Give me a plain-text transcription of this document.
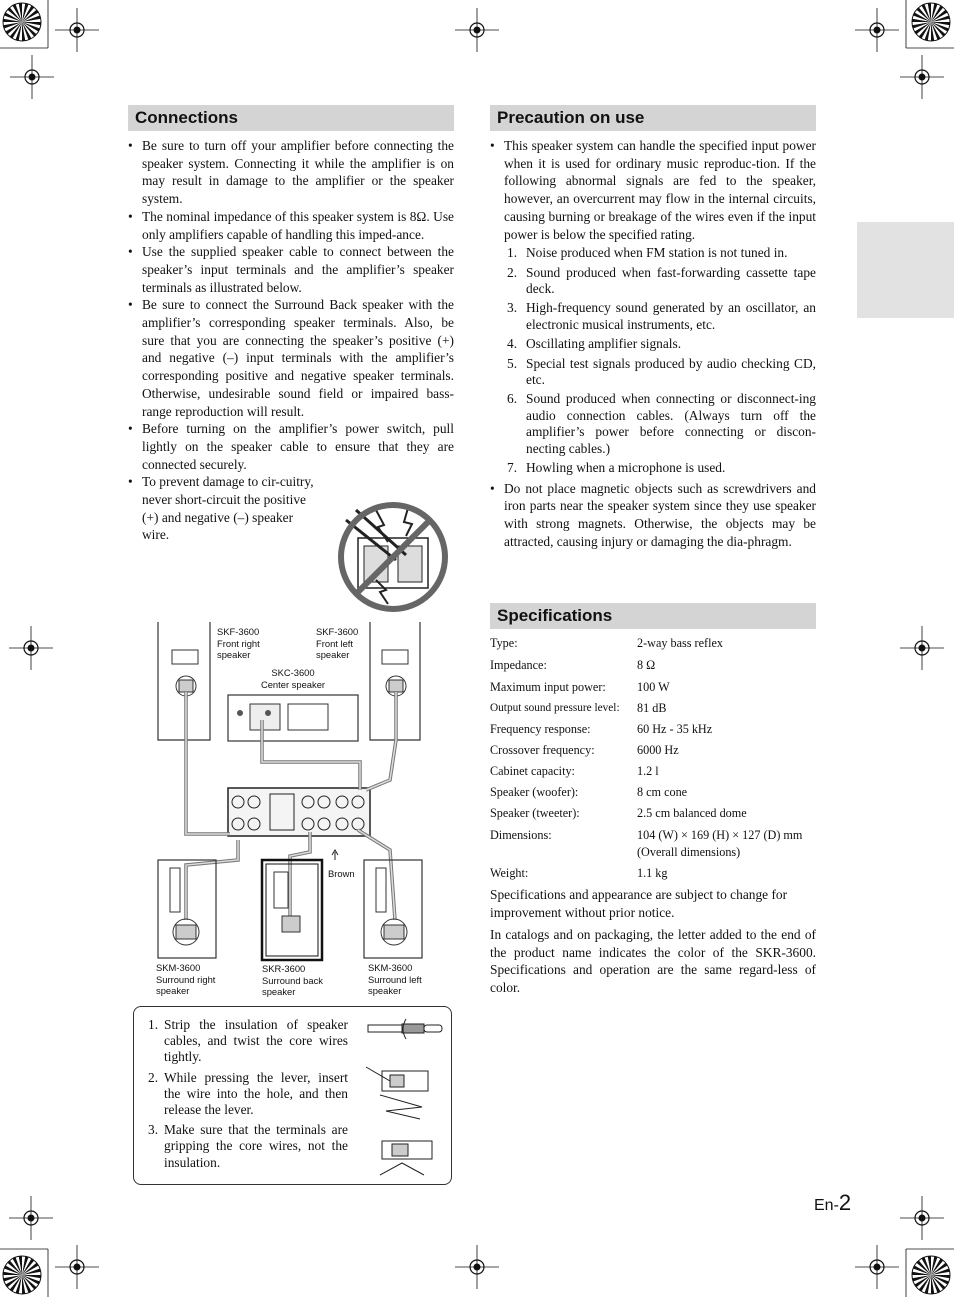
Connections
• Be sure to turn off your amplifier before connecting the speaker system. Connecting it while the amplifier is on may result in damage to the amplifier or the speaker system.
• The nominal impedance of this speaker system is 8Ω. Use only amplifiers capable of handling this imped-ance.
• Use the supplied speaker cable to connect between the speaker’s input terminals and the amplifier’s speaker terminals as illustrated below.
• Be sure to connect the Surround Back speaker with the amplifier’s corresponding speaker terminals. Also, be sure that you are connecting the speaker’s positive (+) and negative (–) input terminals with the amplifier’s corresponding positive and negative speaker terminals. Otherwise, undesirable sound field or impaired bass-range reproduction will result.
• Before turning on the amplifier’s power switch, pull lightly on the speaker cable to ensure that they are connected securely.
• To prevent damage to cir-cuitry, never short-circuit the positive (+) and negative (–) speaker wire.
SKF-3600
Front right
speaker
SKF-3600
Front left
speaker
SKC-3600
Center speaker
Brown
SKM-3600
Surround right
speaker
SKR-3600
Surround back
speaker
SKM-3600
Surround left
speaker
1. Strip the insulation of speaker cables, and twist the core wires tightly.
2. While pressing the lever, insert the wire into the hole, and then release the lever.
3. Make sure that the terminals are gripping the core wires, not the insulation.
Precaution on use
• This speaker system can handle the specified input power when it is used for ordinary music reproduc-tion. If the following abnormal signals are fed to the speaker, however, an overcurrent may flow in the internal circuits, causing burning or breakage of the wires even if the input power is below the specified rating.
1. Noise produced when FM station is not tuned in.
2. Sound produced when fast-forwarding cassette tape deck.
3. High-frequency sound generated by an oscillator, an electronic musical instruments, etc.
4. Oscillating amplifier signals.
5. Special test signals produced by audio checking CD, etc.
6. Sound produced when connecting or disconnect-ing audio connection cables. (Always turn off the amplifier’s power before connecting or discon-necting cables.)
7. Howling when a microphone is used.
• Do not place magnetic objects such as screwdrivers and iron parts near the speaker system since they use speaker with strong magnets. Otherwise, the objects may be attracted, causing injury or damaging the dia-phragm.
Specifications
Type:	2-way bass reflex
Impedance:	8 Ω
Maximum input power:	100 W
Output sound pressure level:	81 dB
Frequency response:	60 Hz - 35 kHz
Crossover frequency:	6000 Hz
Cabinet capacity:	1.2 l
Speaker (woofer):	8 cm cone
Speaker (tweeter):	2.5 cm balanced dome
Dimensions:	104 (W) × 169 (H) × 127 (D) mm
(Overall dimensions)
Weight:	1.1 kg
Specifications and appearance are subject to change for improvement without prior notice.
In catalogs and on packaging, the letter added to the end of the product name indicates the color of the SKR-3600. Specifications and operation are the same regard-less of color.
En-2
